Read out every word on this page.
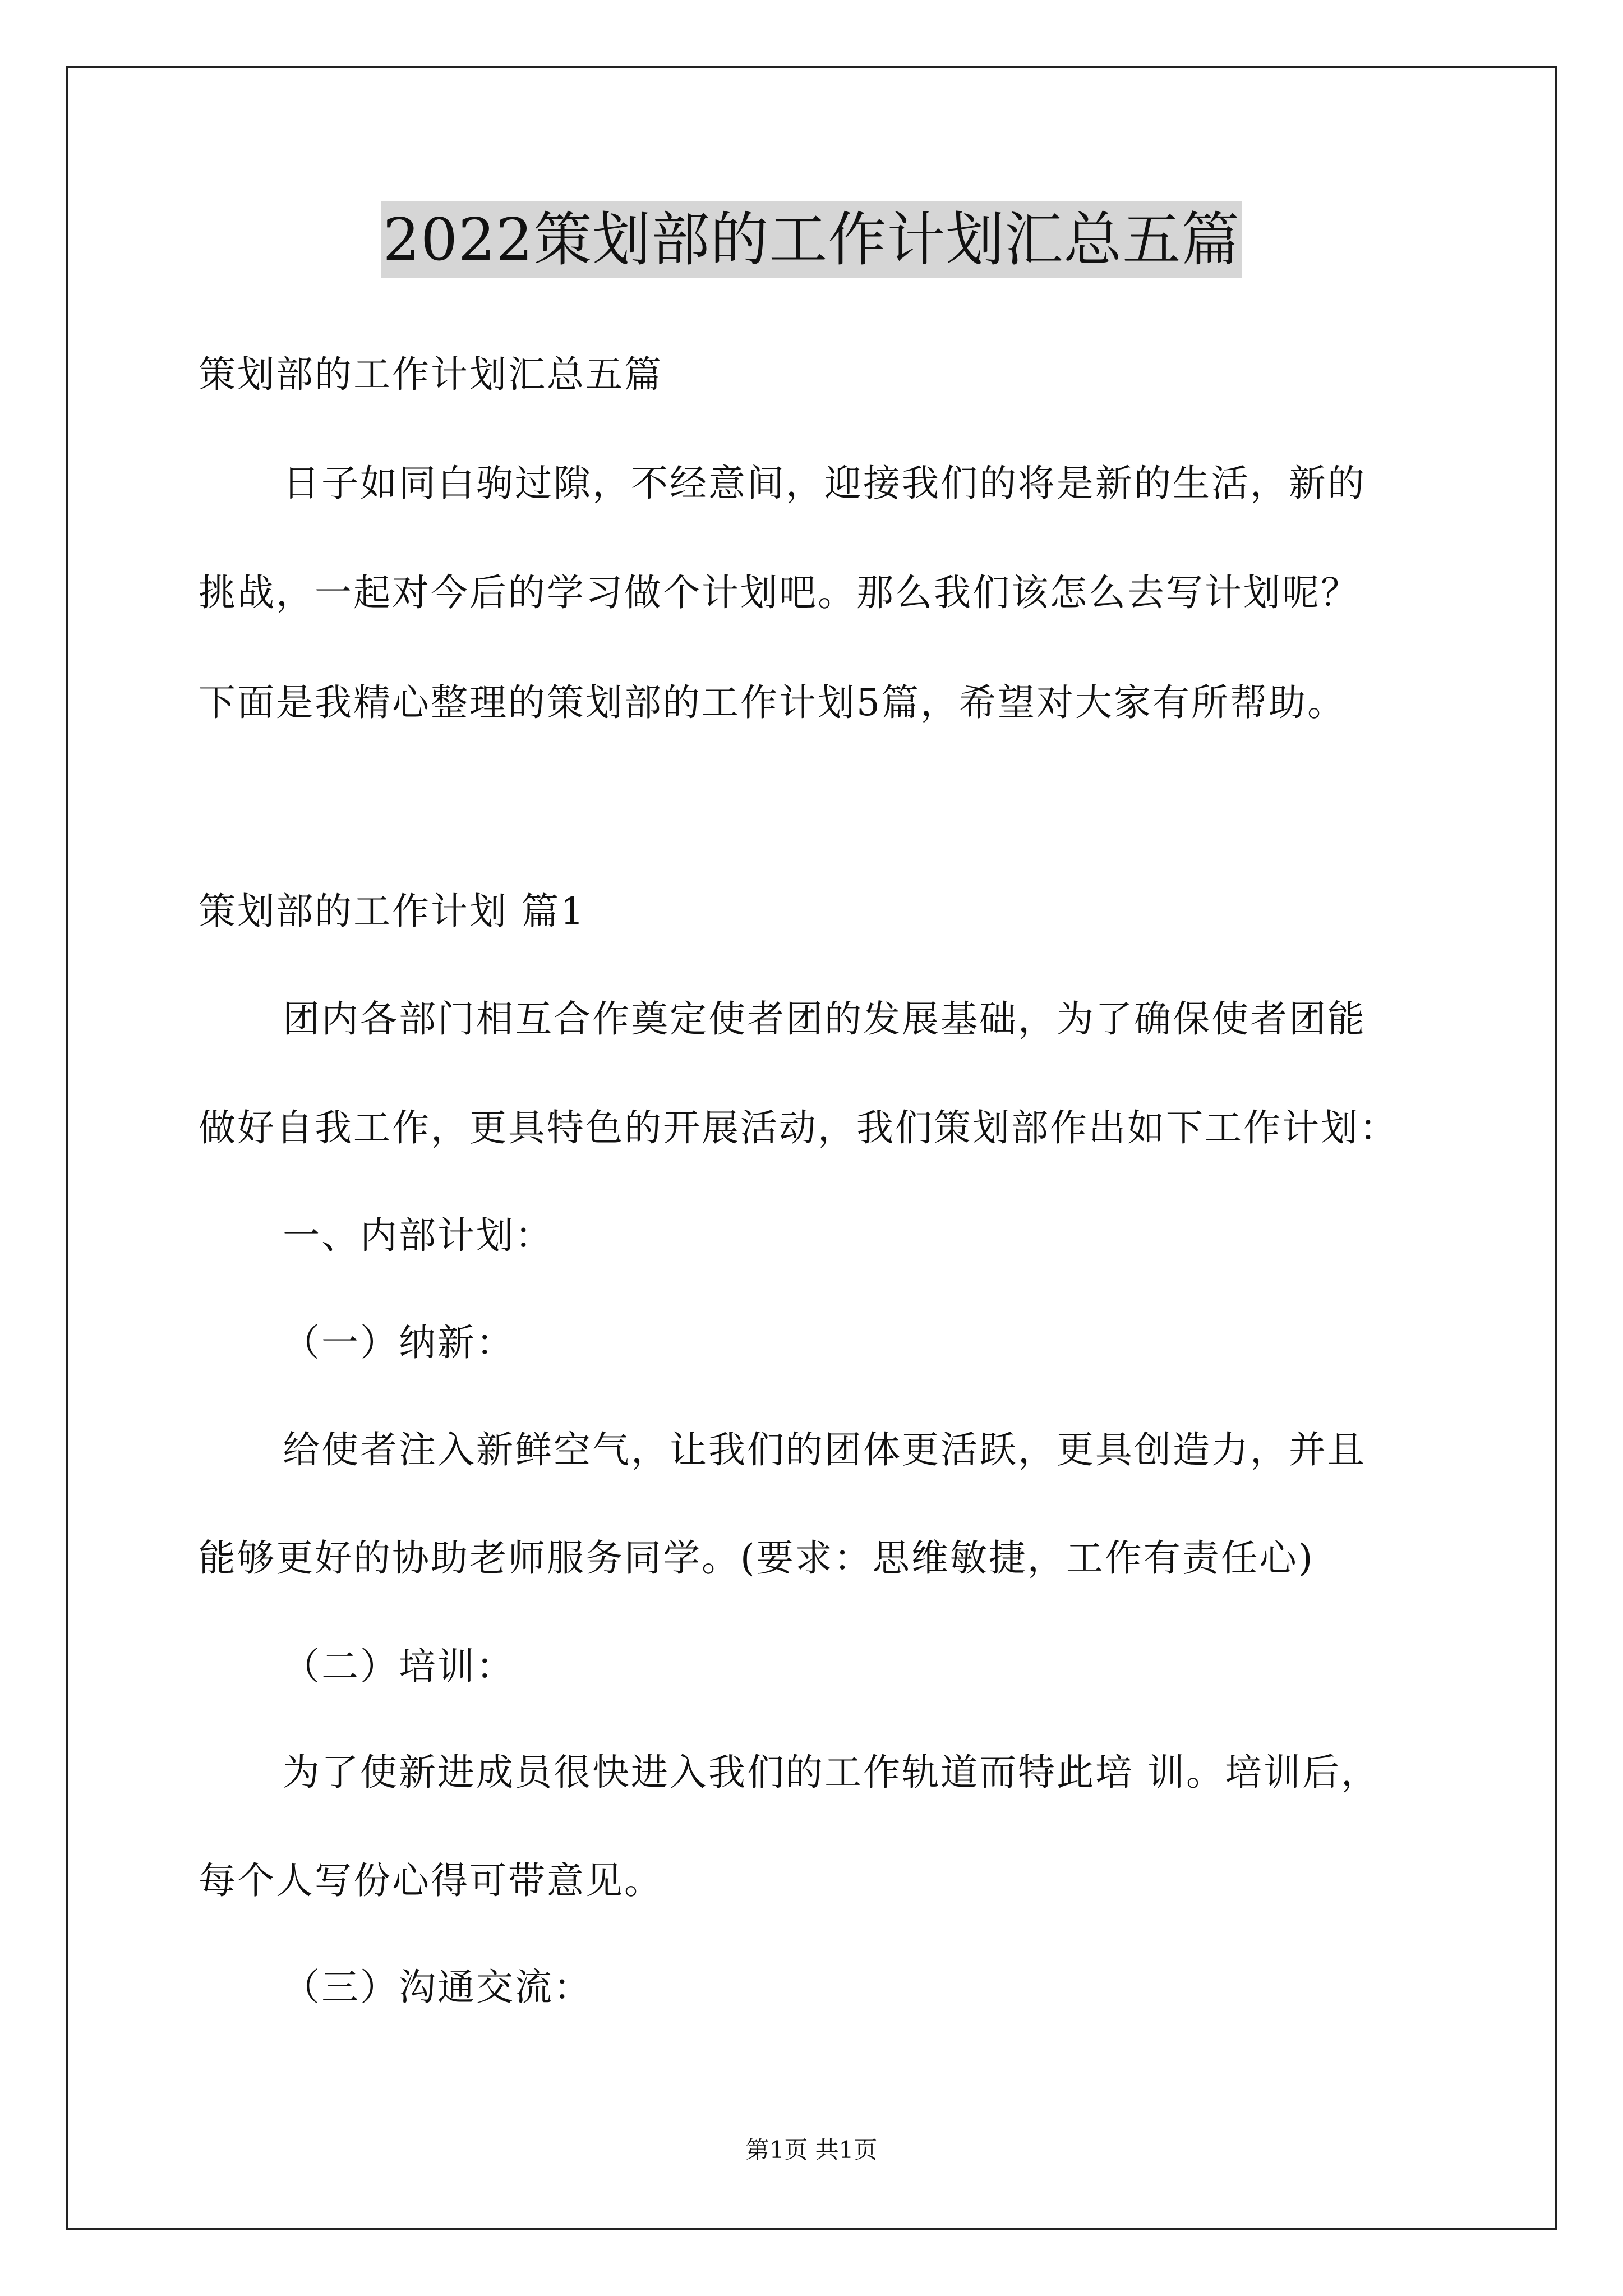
2022策划部的工作计划汇总五篇
策划部的工作计划汇总五篇
日子如同白驹过隙，不经意间，迎接我们的将是新的生活，新的
挑战，一起对今后的学习做个计划吧。那么我们该怎么去写计划呢？
下面是我精心整理的策划部的工作计划5篇，希望对大家有所帮助。
策划部的工作计划 篇1
团内各部门相互合作奠定使者团的发展基础，为了确保使者团能
做好自我工作，更具特色的开展活动，我们策划部作出如下工作计划：
一、内部计划：
（一）纳新：
给使者注入新鲜空气，让我们的团体更活跃，更具创造力，并且
能够更好的协助老师服务同学。(要求：思维敏捷，工作有责任心)
（二）培训：
为了使新进成员很快进入我们的工作轨道而特此培 训。培训后，
每个人写份心得可带意见。
（三）沟通交流：
第1页 共1页
